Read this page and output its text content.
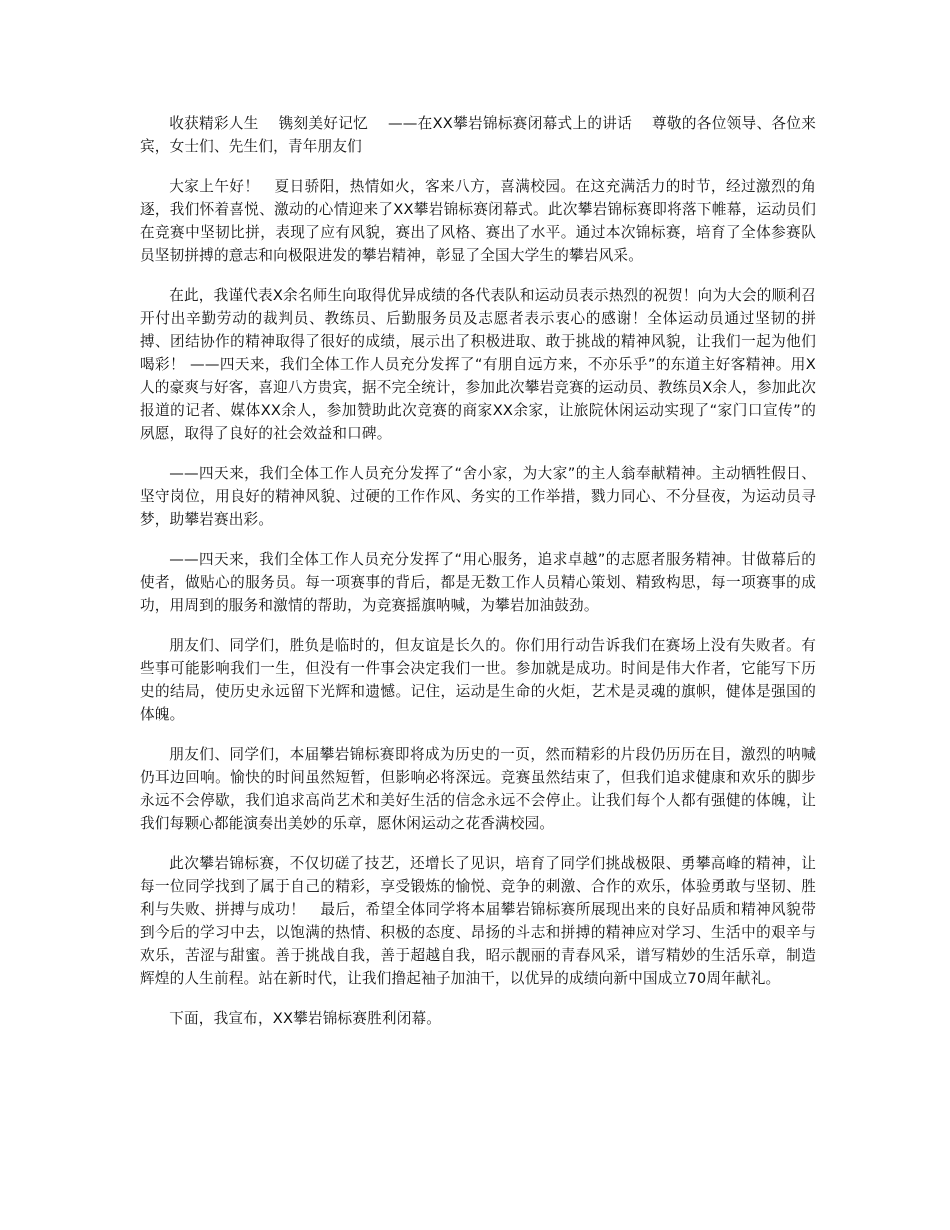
收获精彩人生　 镌刻美好记忆　 ——在XX攀岩锦标赛闭幕式上的讲话　 尊敬的各位领导、各位来宾，女士们、先生们，青年朋友们

大家上午好！　夏日骄阳，热情如火，客来八方，喜满校园。在这充满活力的时节，经过激烈的角逐，我们怀着喜悦、激动的心情迎来了XX攀岩锦标赛闭幕式。此次攀岩锦标赛即将落下帷幕，运动员们在竞赛中坚韧比拼，表现了应有风貌，赛出了风格、赛出了水平。通过本次锦标赛，培育了全体参赛队员坚韧拼搏的意志和向极限进发的攀岩精神，彰显了全国大学生的攀岩风采。

在此，我谨代表X余名师生向取得优异成绩的各代表队和运动员表示热烈的祝贺！向为大会的顺利召开付出辛勤劳动的裁判员、教练员、后勤服务员及志愿者表示衷心的感谢！全体运动员通过坚韧的拼搏、团结协作的精神取得了很好的成绩，展示出了积极进取、敢于挑战的精神风貌，让我们一起为他们喝彩！ ——四天来，我们全体工作人员充分发挥了“有朋自远方来，不亦乐乎”的东道主好客精神。用X人的豪爽与好客，喜迎八方贵宾，据不完全统计，参加此次攀岩竞赛的运动员、教练员X余人，参加此次报道的记者、媒体XX余人，参加赞助此次竞赛的商家XX余家，让旅院休闲运动实现了“家门口宣传”的夙愿，取得了良好的社会效益和口碑。

——四天来，我们全体工作人员充分发挥了“舍小家，为大家”的主人翁奉献精神。主动牺牲假日、坚守岗位，用良好的精神风貌、过硬的工作作风、务实的工作举措，戮力同心、不分昼夜，为运动员寻梦，助攀岩赛出彩。

——四天来，我们全体工作人员充分发挥了“用心服务，追求卓越”的志愿者服务精神。甘做幕后的使者，做贴心的服务员。每一项赛事的背后，都是无数工作人员精心策划、精致构思，每一项赛事的成功，用周到的服务和激情的帮助，为竞赛摇旗呐喊，为攀岩加油鼓劲。

朋友们、同学们，胜负是临时的，但友谊是长久的。你们用行动告诉我们在赛场上没有失败者。有些事可能影响我们一生，但没有一件事会决定我们一世。参加就是成功。时间是伟大作者，它能写下历史的结局，使历史永远留下光辉和遗憾。记住，运动是生命的火炬，艺术是灵魂的旗帜，健体是强国的体魄。

朋友们、同学们，本届攀岩锦标赛即将成为历史的一页，然而精彩的片段仍历历在目，激烈的呐喊仍耳边回响。愉快的时间虽然短暂，但影响必将深远。竞赛虽然结束了，但我们追求健康和欢乐的脚步永远不会停歇，我们追求高尚艺术和美好生活的信念永远不会停止。让我们每个人都有强健的体魄，让我们每颗心都能演奏出美妙的乐章，愿休闲运动之花香满校园。

此次攀岩锦标赛，不仅切磋了技艺，还增长了见识，培育了同学们挑战极限、勇攀高峰的精神，让每一位同学找到了属于自己的精彩，享受锻炼的愉悦、竞争的刺激、合作的欢乐，体验勇敢与坚韧、胜利与失败、拼搏与成功！　最后，希望全体同学将本届攀岩锦标赛所展现出来的良好品质和精神风貌带到今后的学习中去，以饱满的热情、积极的态度、昂扬的斗志和拼搏的精神应对学习、生活中的艰辛与欢乐，苦涩与甜蜜。善于挑战自我，善于超越自我，昭示靓丽的青春风采，谱写精妙的生活乐章，制造辉煌的人生前程。站在新时代，让我们撸起袖子加油干，以优异的成绩向新中国成立70周年献礼。

下面，我宣布，XX攀岩锦标赛胜利闭幕。
